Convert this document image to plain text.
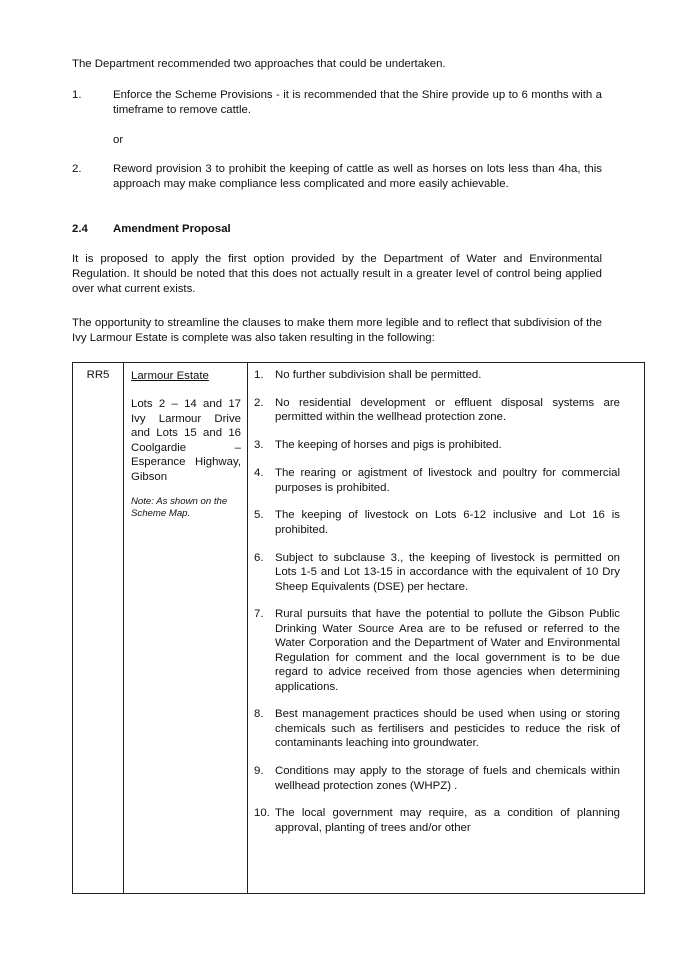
The Department recommended two approaches that could be undertaken.

1.	Enforce the Scheme Provisions - it is recommended that the Shire provide up to 6 months with a timeframe to remove cattle.

or
2.	Reword provision 3 to prohibit the keeping of cattle as well as horses on lots less than 4ha, this approach may make compliance less complicated and more easily achievable.

2.4 Amendment Proposal

It is proposed to apply the first option provided by the Department of Water and Environmental Regulation. It should be noted that this does not actually result in a greater level of control being applied over what current exists.

The opportunity to streamline the clauses to make them more legible and to reflect that subdivision of the Ivy Larmour Estate is complete was also taken resulting in the following:

RR5	Larmour Estate
Lots 2 – 14 and 17 Ivy Larmour Drive and Lots 15 and 16 Coolgardie – Esperance Highway, Gibson
Note: As shown on the Scheme Map.

1. No further subdivision shall be permitted.
2. No residential development or effluent disposal systems are permitted within the wellhead protection zone.
3. The keeping of horses and pigs is prohibited.
4. The rearing or agistment of livestock and poultry for commercial purposes is prohibited.
5. The keeping of livestock on Lots 6-12 inclusive and Lot 16 is prohibited.
6. Subject to subclause 3., the keeping of livestock is permitted on Lots 1-5 and Lot 13-15 in accordance with the equivalent of 10 Dry Sheep Equivalents (DSE) per hectare.
7. Rural pursuits that have the potential to pollute the Gibson Public Drinking Water Source Area are to be refused or referred to the Water Corporation and the Department of Water and Environmental Regulation for comment and the local government is to be due regard to advice received from those agencies when determining applications.
8. Best management practices should be used when using or storing chemicals such as fertilisers and pesticides to reduce the risk of contaminants leaching into groundwater.
9. Conditions may apply to the storage of fuels and chemicals within wellhead protection zones (WHPZ) .
10. The local government may require, as a condition of planning approval, planting of trees and/or other
